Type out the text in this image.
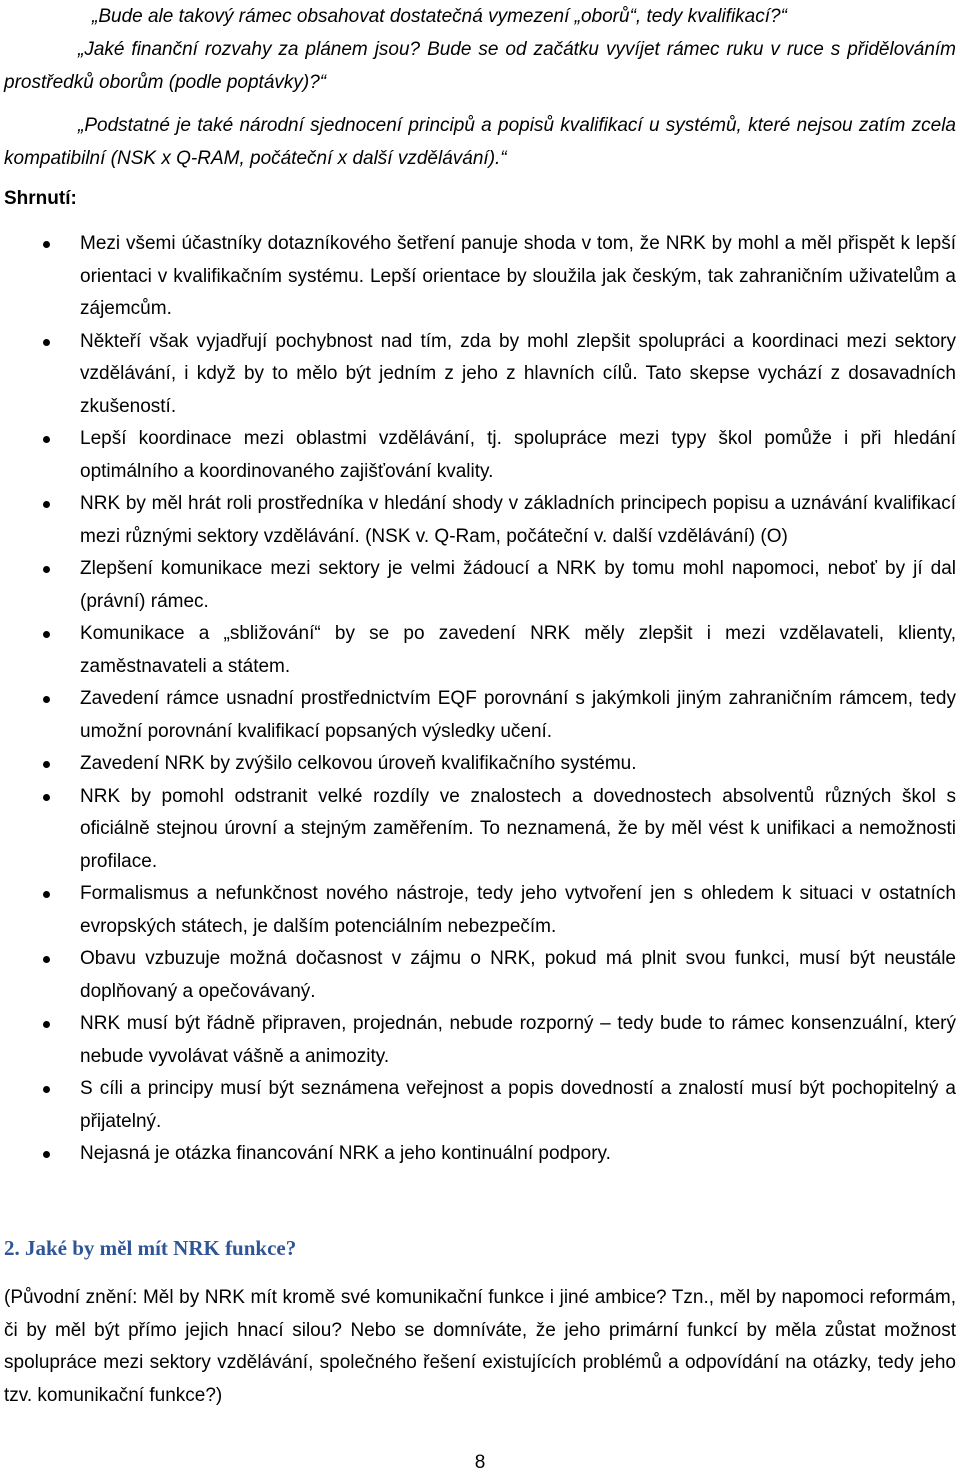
„Bude ale takový rámec obsahovat dostatečná vymezení „oborů“, tedy kvalifikací?“

„Jaké finanční rozvahy za plánem jsou? Bude se od začátku vyvíjet rámec ruku v ruce s přidělováním prostředků oborům (podle poptávky)?“

„Podstatné je také národní sjednocení principů a popisů kvalifikací u systémů, které nejsou zatím zcela kompatibilní (NSK x Q-RAM, počáteční x další vzdělávání).“

Shrnutí:

Mezi všemi účastníky dotazníkového šetření panuje shoda v tom, že NRK by mohl a měl přispět k lepší orientaci v kvalifikačním systému. Lepší orientace by sloužila jak českým, tak zahraničním uživatelům a zájemcům.
Někteří však vyjadřují pochybnost nad tím, zda by mohl zlepšit spolupráci a koordinaci mezi sektory vzdělávání, i když by to mělo být jedním z jeho z hlavních cílů. Tato skepse vychází z dosavadních zkušeností.
Lepší koordinace mezi oblastmi vzdělávání, tj. spolupráce mezi typy škol pomůže i při hledání optimálního a koordinovaného zajišťování kvality.
NRK by měl hrát roli prostředníka v hledání shody v základních principech popisu a uznávání kvalifikací mezi různými sektory vzdělávání. (NSK v. Q-Ram, počáteční v. další vzdělávání) (O)
Zlepšení komunikace mezi sektory je velmi žádoucí a NRK by tomu mohl napomoci, neboť by jí dal (právní) rámec.
Komunikace a „sbližování“ by se po zavedení NRK měly zlepšit i mezi vzdělavateli, klienty, zaměstnavateli a státem.
Zavedení rámce usnadní prostřednictvím EQF porovnání s jakýmkoli jiným zahraničním rámcem, tedy umožní porovnání kvalifikací popsaných výsledky učení.
Zavedení NRK by zvýšilo celkovou úroveň kvalifikačního systému.
NRK by pomohl odstranit velké rozdíly ve znalostech a dovednostech absolventů různých škol s oficiálně stejnou úrovní a stejným zaměřením. To neznamená, že by měl vést k unifikaci a nemožnosti profilace.
Formalismus a nefunkčnost nového nástroje, tedy jeho vytvoření jen s ohledem k situaci v ostatních evropských státech, je dalším potenciálním nebezpečím.
Obavu vzbuzuje možná dočasnost v zájmu o NRK, pokud má plnit svou funkci, musí být neustále doplňovaný a opečovávaný.
NRK musí být řádně připraven, projednán, nebude rozporný – tedy bude to rámec konsenzuální, který nebude vyvolávat vášně a animozity.
S cíli a principy musí být seznámena veřejnost a popis dovedností a znalostí musí být pochopitelný a přijatelný.
Nejasná je otázka financování NRK a jeho kontinuální podpory.
2. Jaké by měl mít NRK funkce?

(Původní znění: Měl by NRK mít kromě své komunikační funkce i jiné ambice? Tzn., měl by napomoci reformám, či by měl být přímo jejich hnací silou? Nebo se domníváte, že jeho primární funkcí by měla zůstat možnost spolupráce mezi sektory vzdělávání, společného řešení existujících problémů a odpovídání na otázky, tedy jeho tzv. komunikační funkce?)

8
